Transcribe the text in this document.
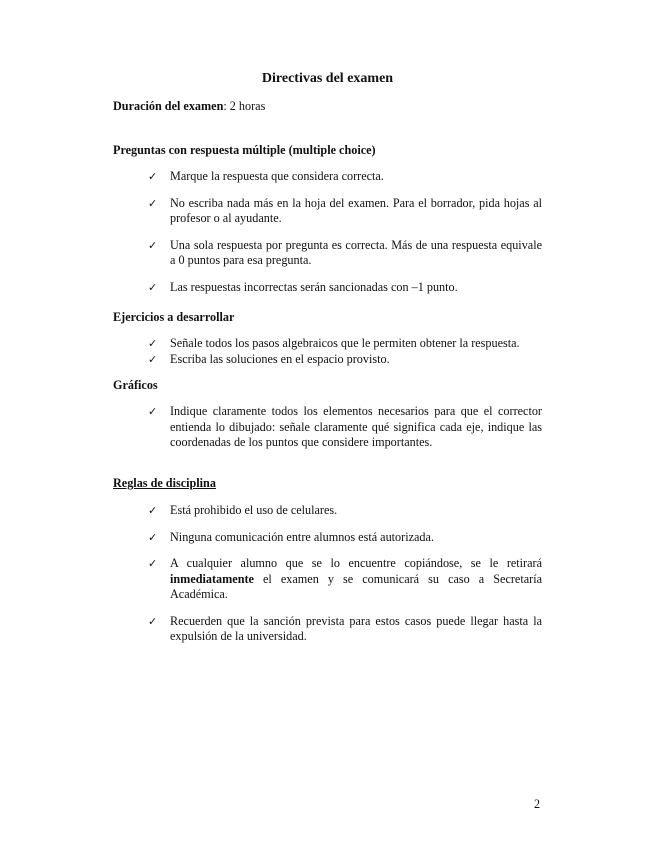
Directivas del examen
Duración del examen: 2 horas
Preguntas con respuesta múltiple (multiple choice)
✓ Marque la respuesta que considera correcta.
✓ No escriba nada más en la hoja del examen. Para el borrador, pida hojas al profesor o al ayudante.
✓ Una sola respuesta por pregunta es correcta. Más de una respuesta equivale a 0 puntos para esa pregunta.
✓ Las respuestas incorrectas serán sancionadas con –1 punto.
Ejercicios a desarrollar
✓ Señale todos los pasos algebraicos que le permiten obtener la respuesta.
✓ Escriba las soluciones en el espacio provisto.
Gráficos
✓ Indique claramente todos los elementos necesarios para que el corrector entienda lo dibujado: señale claramente qué significa cada eje, indique las coordenadas de los puntos que considere importantes.
Reglas de disciplina
✓ Está prohibido el uso de celulares.
✓ Ninguna comunicación entre alumnos está autorizada.
✓ A cualquier alumno que se lo encuentre copiándose, se le retirará inmediatamente el examen y se comunicará su caso a Secretaría Académica.
✓ Recuerden que la sanción prevista para estos casos puede llegar hasta la expulsión de la universidad.
2
